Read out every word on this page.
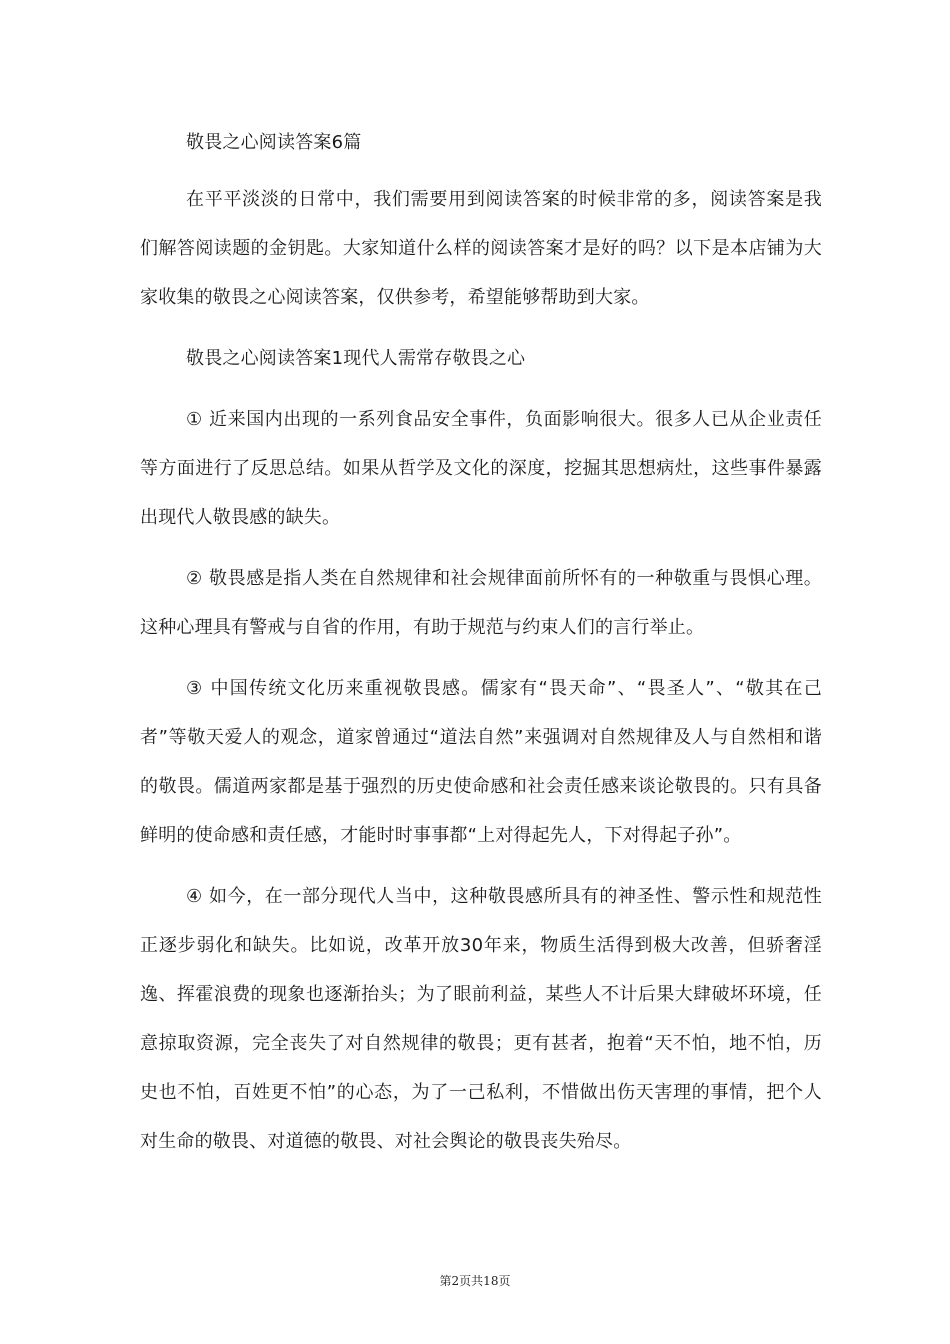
敬畏之心阅读答案6篇

在平平淡淡的日常中，我们需要用到阅读答案的时候非常的多，阅读答案是我们解答阅读题的金钥匙。大家知道什么样的阅读答案才是好的吗？以下是本店铺为大家收集的敬畏之心阅读答案，仅供参考，希望能够帮助到大家。

敬畏之心阅读答案1现代人需常存敬畏之心

① 近来国内出现的一系列食品安全事件，负面影响很大。很多人已从企业责任等方面进行了反思总结。如果从哲学及文化的深度，挖掘其思想病灶，这些事件暴露出现代人敬畏感的缺失。

② 敬畏感是指人类在自然规律和社会规律面前所怀有的一种敬重与畏惧心理。这种心理具有警戒与自省的作用，有助于规范与约束人们的言行举止。

③ 中国传统文化历来重视敬畏感。儒家有“畏天命”、“畏圣人”、“敬其在己者”等敬天爱人的观念，道家曾通过“道法自然”来强调对自然规律及人与自然相和谐的敬畏。儒道两家都是基于强烈的历史使命感和社会责任感来谈论敬畏的。只有具备鲜明的使命感和责任感，才能时时事事都“上对得起先人，下对得起子孙”。

④ 如今，在一部分现代人当中，这种敬畏感所具有的神圣性、警示性和规范性正逐步弱化和缺失。比如说，改革开放30年来，物质生活得到极大改善，但骄奢淫逸、挥霍浪费的现象也逐渐抬头；为了眼前利益，某些人不计后果大肆破坏环境，任意掠取资源，完全丧失了对自然规律的敬畏；更有甚者，抱着“天不怕，地不怕，历史也不怕，百姓更不怕”的心态，为了一己私利，不惜做出伤天害理的事情，把个人对生命的敬畏、对道德的敬畏、对社会舆论的敬畏丧失殆尽。

第2页共18页
